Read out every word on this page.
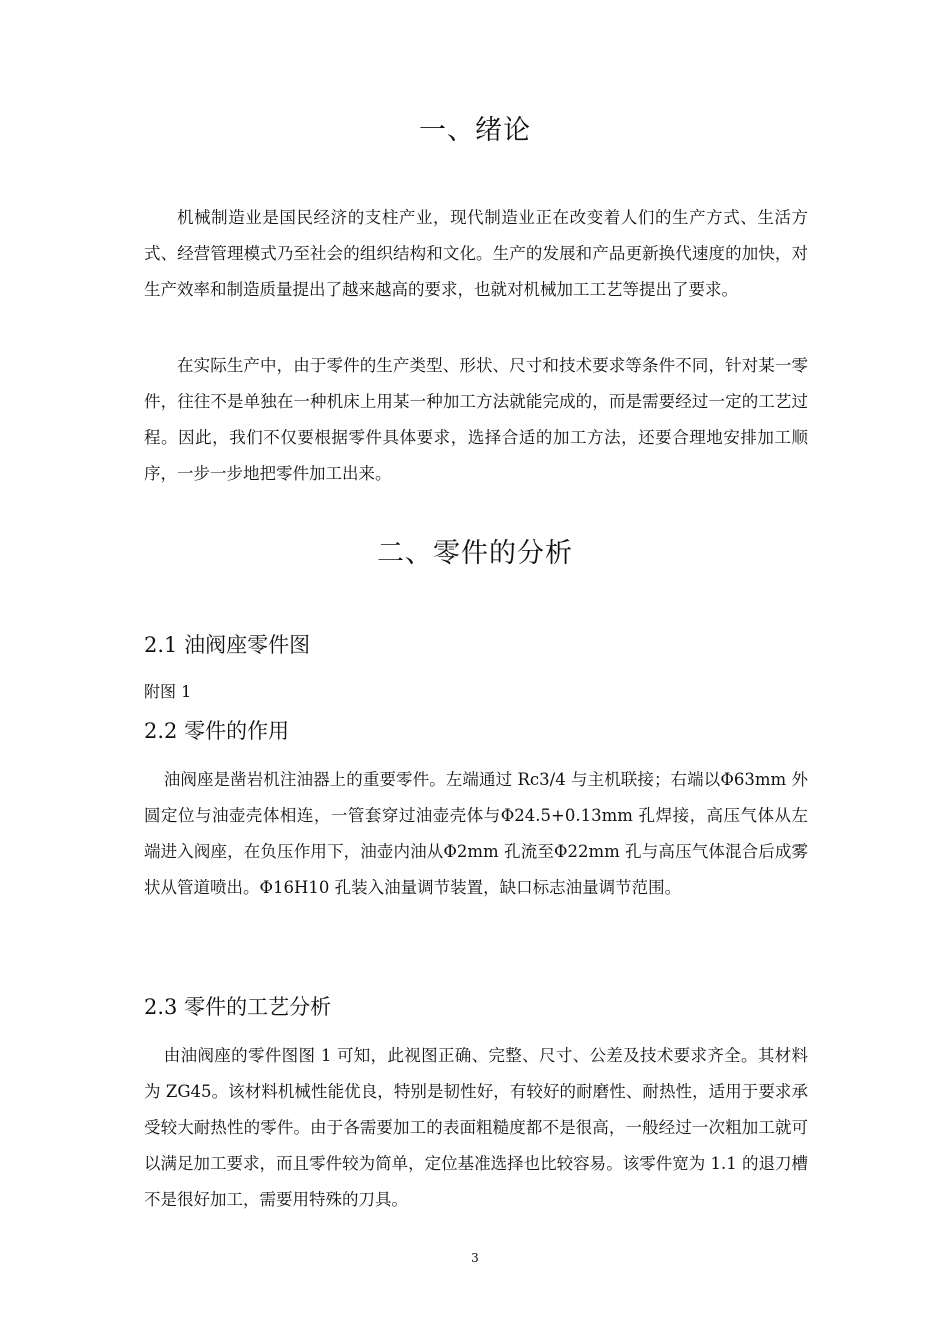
一、绪论

机械制造业是国民经济的支柱产业，现代制造业正在改变着人们的生产方式、生活方式、经营管理模式乃至社会的组织结构和文化。生产的发展和产品更新换代速度的加快，对生产效率和制造质量提出了越来越高的要求，也就对机械加工工艺等提出了要求。

在实际生产中，由于零件的生产类型、形状、尺寸和技术要求等条件不同，针对某一零件，往往不是单独在一种机床上用某一种加工方法就能完成的，而是需要经过一定的工艺过程。因此，我们不仅要根据零件具体要求，选择合适的加工方法，还要合理地安排加工顺序，一步一步地把零件加工出来。

二、零件的分析
2.1 油阀座零件图
附图 1
2.2 零件的作用

油阀座是凿岩机注油器上的重要零件。左端通过 Rc3/4 与主机联接；右端以Φ63mm 外圆定位与油壶壳体相连，一管套穿过油壶壳体与Φ24.5+0.13mm 孔焊接，高压气体从左端进入阀座，在负压作用下，油壶内油从Φ2mm 孔流至Φ22mm 孔与高压气体混合后成雾状从管道喷出。Φ16H10 孔装入油量调节装置，缺口标志油量调节范围。

2.3 零件的工艺分析

由油阀座的零件图图 1 可知，此视图正确、完整、尺寸、公差及技术要求齐全。其材料为 ZG45。该材料机械性能优良，特别是韧性好，有较好的耐磨性、耐热性，适用于要求承受较大耐热性的零件。由于各需要加工的表面粗糙度都不是很高，一般经过一次粗加工就可以满足加工要求，而且零件较为简单，定位基准选择也比较容易。该零件宽为 1.1 的退刀槽不是很好加工，需要用特殊的刀具。

3
